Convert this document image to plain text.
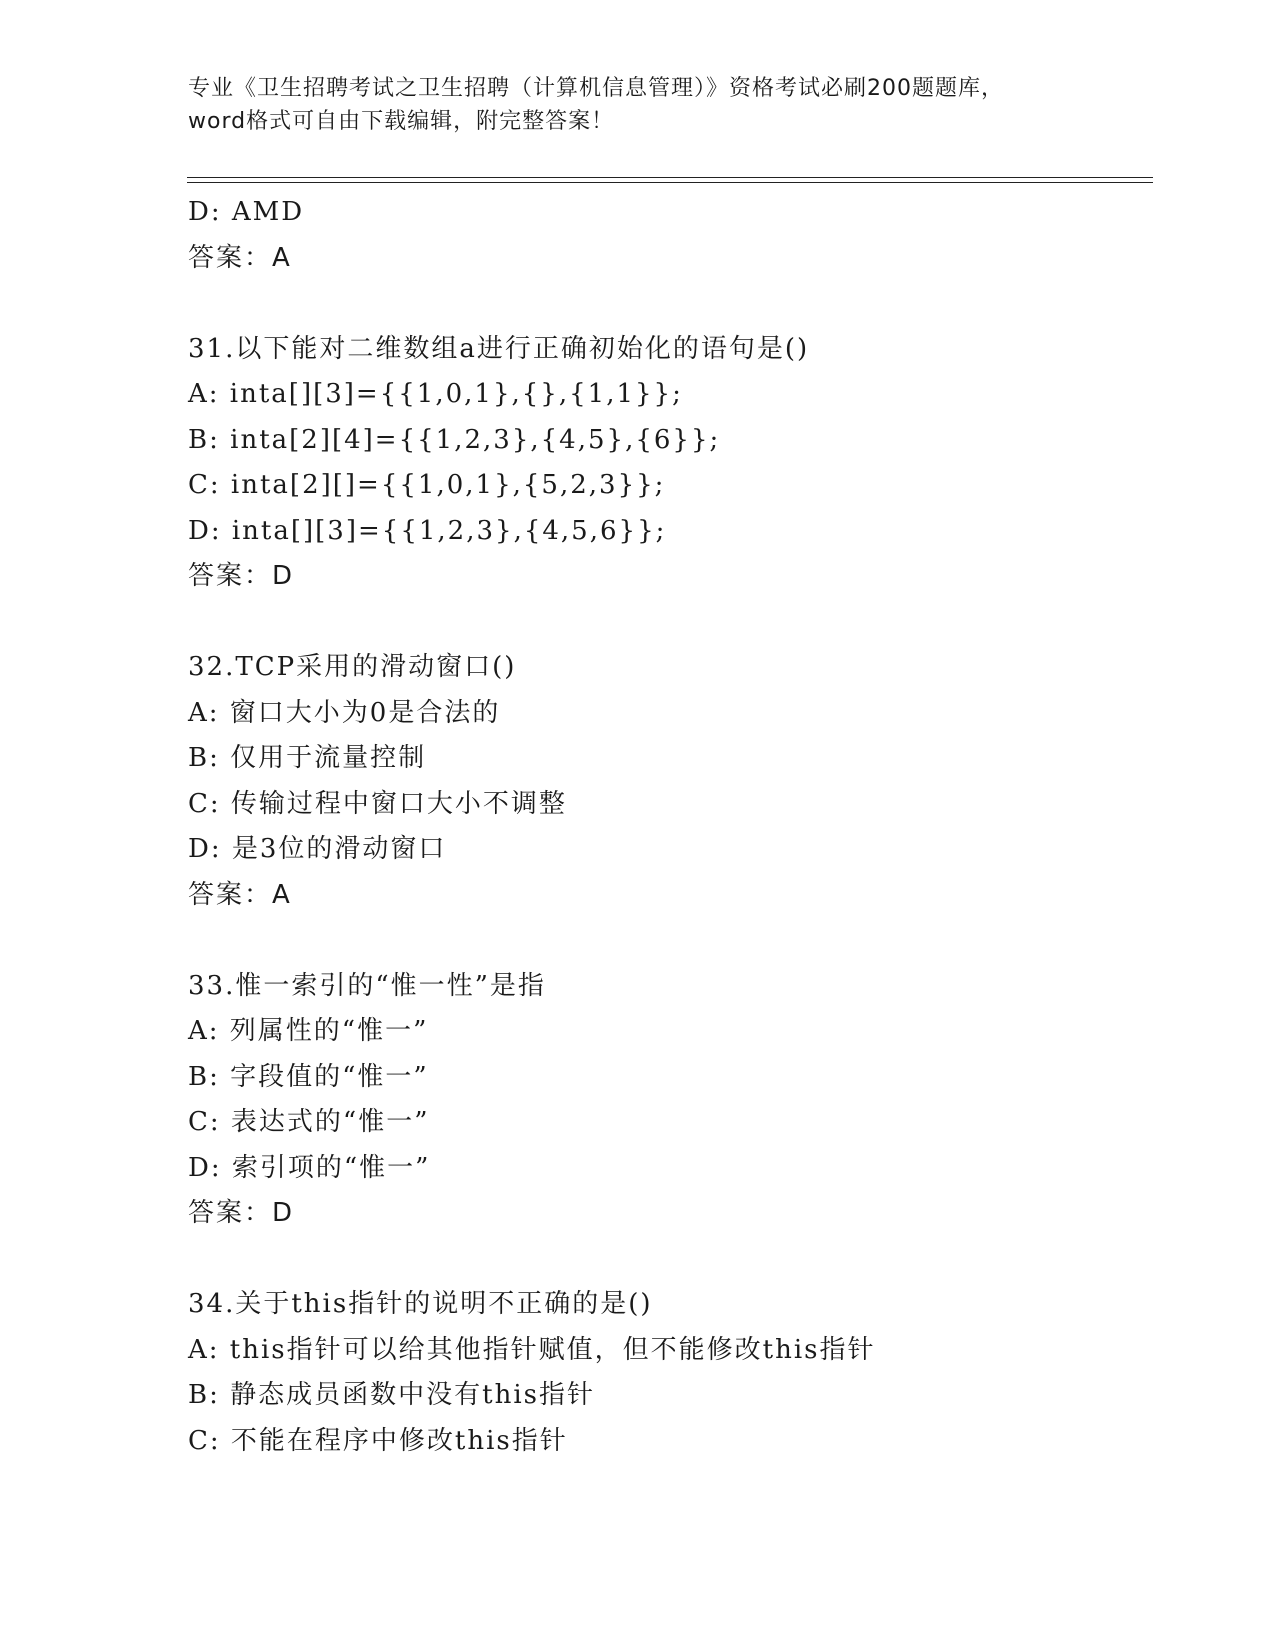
专业《卫生招聘考试之卫生招聘（计算机信息管理）》资格考试必刷200题题库，
word格式可自由下载编辑，附完整答案！
D: AMD
答案：A
31.以下能对二维数组a进行正确初始化的语句是()
A: inta[][3]={{1,0,1},{},{1,1}};
B: inta[2][4]={{1,2,3},{4,5},{6}};
C: inta[2][]={{1,0,1},{5,2,3}};
D: inta[][3]={{1,2,3},{4,5,6}};
答案：D
32.TCP采用的滑动窗口()
A: 窗口大小为0是合法的
B: 仅用于流量控制
C: 传输过程中窗口大小不调整
D: 是3位的滑动窗口
答案：A
33.惟一索引的“惟一性”是指
A: 列属性的“惟一”
B: 字段值的“惟一”
C: 表达式的“惟一”
D: 索引项的“惟一”
答案：D
34.关于this指针的说明不正确的是()
A: this指针可以给其他指针赋值，但不能修改this指针
B: 静态成员函数中没有this指针
C: 不能在程序中修改this指针
